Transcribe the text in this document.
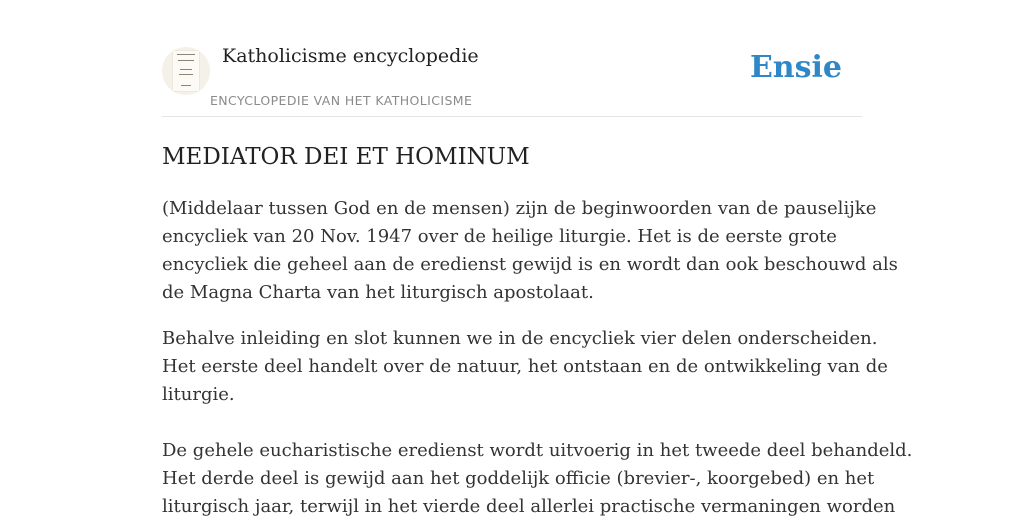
Katholicisme encyclopedie
ENCYCLOPEDIE VAN HET KATHOLICISME
Ensie
MEDIATOR DEI ET HOMINUM

(Middelaar tussen God en de mensen) zijn de beginwoorden van de pauselijke
encycliek van 20 Nov. 1947 over de heilige liturgie. Het is de eerste grote
encycliek die geheel aan de eredienst gewijd is en wordt dan ook beschouwd als
de Magna Charta van het liturgisch apostolaat.

Behalve inleiding en slot kunnen we in de encycliek vier delen onderscheiden.
Het eerste deel handelt over de natuur, het ontstaan en de ontwikkeling van de
liturgie.

De gehele eucharistische eredienst wordt uitvoerig in het tweede deel behandeld.
Het derde deel is gewijd aan het goddelijk officie (brevier-, koorgebed) en het
liturgisch jaar, terwijl in het vierde deel allerlei practische vermaningen worden
